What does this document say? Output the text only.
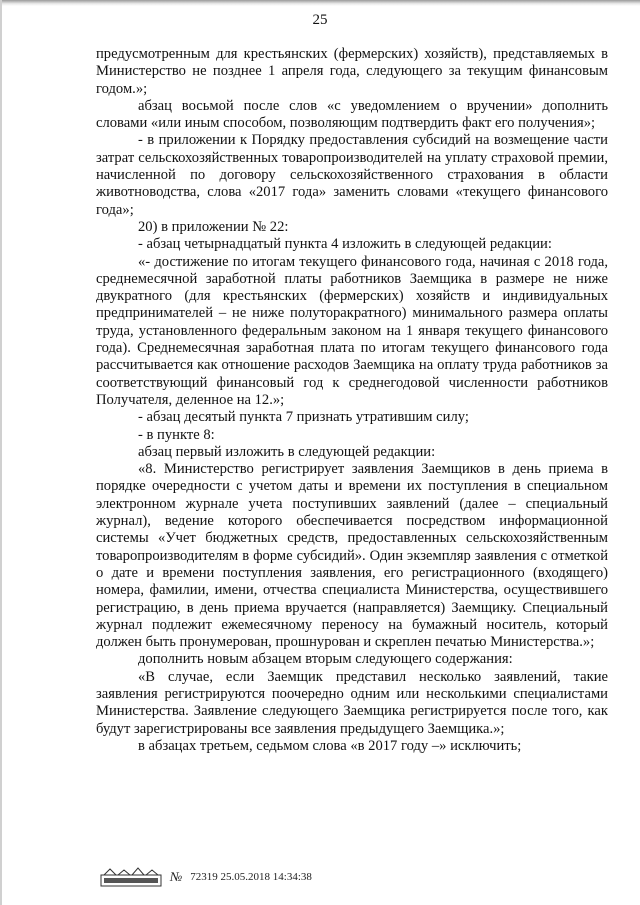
25

предусмотренным для крестьянских (фермерских) хозяйств), представляемых в Министерство не позднее 1 апреля года, следующего за текущим финансовым годом.»;

абзац восьмой после слов «с уведомлением о вручении» дополнить словами «или иным способом, позволяющим подтвердить факт его получения»;

- в приложении к Порядку предоставления субсидий на возмещение части затрат сельскохозяйственных товаропроизводителей на уплату страховой премии, начисленной по договору сельскохозяйственного страхования в области животноводства, слова «2017 года» заменить словами «текущего финансового года»;

20) в приложении № 22:

- абзац четырнадцатый пункта 4 изложить в следующей редакции:

«- достижение по итогам текущего финансового года, начиная с 2018 года, среднемесячной заработной платы работников Заемщика в размере не ниже двукратного (для крестьянских (фермерских) хозяйств и индивидуальных предпринимателей – не ниже полуторакратного) минимального размера оплаты труда, установленного федеральным законом на 1 января текущего финансового года). Среднемесячная заработная плата по итогам текущего финансового года рассчитывается как отношение расходов Заемщика на оплату труда работников за соответствующий финансовый год к среднегодовой численности работников Получателя, деленное на 12.»;

- абзац десятый пункта 7 признать утратившим силу;

- в пункте 8:

абзац первый изложить в следующей редакции:

«8. Министерство регистрирует заявления Заемщиков в день приема в порядке очередности с учетом даты и времени их поступления в специальном электронном журнале учета поступивших заявлений (далее – специальный журнал), ведение которого обеспечивается посредством информационной системы «Учет бюджетных средств, предоставленных сельскохозяйственным товаропроизводителям в форме субсидий». Один экземпляр заявления с отметкой о дате и времени поступления заявления, его регистрационного (входящего) номера, фамилии, имени, отчества специалиста Министерства, осуществившего регистрацию, в день приема вручается (направляется) Заемщику. Специальный журнал подлежит ежемесячному переносу на бумажный носитель, который должен быть пронумерован, прошнурован и скреплен печатью Министерства.»;

дополнить новым абзацем вторым следующего содержания:

«В случае, если Заемщик представил несколько заявлений, такие заявления регистрируются поочередно одним или несколькими специалистами Министерства. Заявление следующего Заемщика регистрируется после того, как будут зарегистрированы все заявления предыдущего Заемщика.»;

в абзацах третьем, седьмом слова «в 2017 году –» исключить;

№ 72319 25.05.2018 14:34:38
